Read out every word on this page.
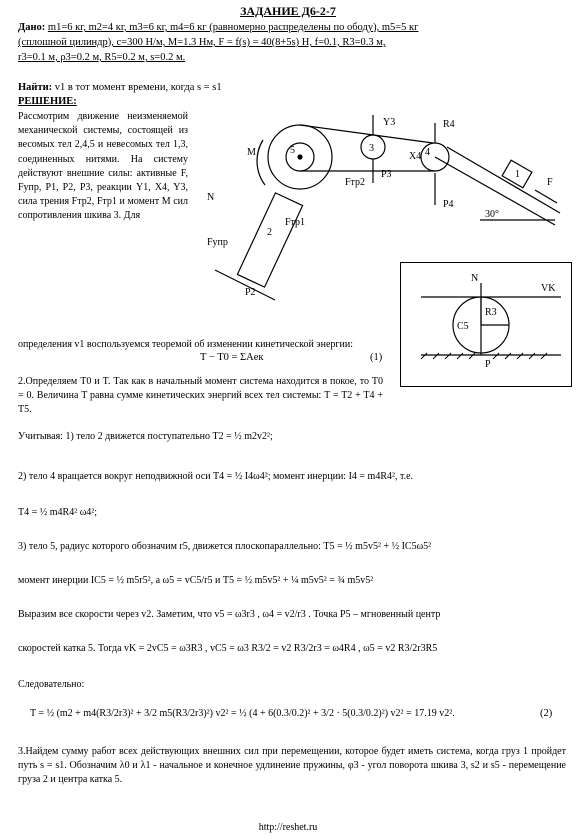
ЗАДАНИЕ Д6-2-7
Дано: m1=6 кг, m2=4 кг, m3=6 кг, m4=6 кг (равномерно распределены по ободу), m5=5 кг
(сплошной цилиндр), c=300 Н/м, M=1.3 Нм, F = f(s) = 40(8+5s) Н, f=0.1, R3=0.3 м,
r3=0.1 м, ρ3=0.2 м, R5=0.2 м, s=0.2 м.
Найти: v1 в тот момент времени, когда s = s1
РЕШЕНИЕ:
Рассмотрим движение неизменяемой механической системы, состоящей из весомых тел 2,4,5 и невесомых тел 1,3, соединенных нитями. На систему действуют внешние силы: активные F, Fупр, P1, P2, P3, реакции Y1, X4, Y3, сила трения Fтр2, Fтр1 и момент M сил сопротивления шкива 3. Для
M
Y3
P3
Fтр2
R4
P4
X4
30°
F
5	4
3
2
1
N
Fупр
Fтр1
P2
N
VK
R3
C5
P
определения v1 воспользуемся теоремой об изменении кинетической энергии:
T − T0 = ΣAeк	(1)
2.Определяем T0 и T. Так как в начальный момент система находится в покое, то T0 = 0. Величина T равна сумме кинетических энергий всех тел системы: T = T2 + T4 + T5.
Учитывая: 1) тело 2 движется поступательно T2 = ½ m2v2²;
2) тело 4 вращается вокруг неподвижной оси T4 = ½ I4ω4²; момент инерции: I4 = m4R4², т.е.
T4 = ½ m4R4² ω4²;
3) тело 5, радиус которого обозначим r5, движется плоскопараллельно: T5 = ½ m5v5² + ½ IC5ω5²
момент инерции IC5 = ½ m5r5², а ω5 = vC5/r5 и T5 = ½ m5v5² + ¼ m5v5² = ¾ m5v5²
Выразим все скорости через v2. Заметим, что v5 = ω3r3 , ω4 = v2/r3 . Точка P5 – мгновенный центр
скоростей катка 5. Тогда vK = 2vC5 = ω3R3 , vC5 = ω3 R3/2 = v2 R3/2r3 = ω4R4 , ω5 = v2 R3/2r3R5
Следовательно:
T = ½ (m2 + m4(R3/2r3)² + 3/2 m5(R3/2r3)²) v2² = ½ (4 + 6(0.3/0.2)² + 3/2 · 5(0.3/0.2)²) v2² = 17.19 v2².	(2)
3.Найдем сумму работ всех действующих внешних сил при перемещении, которое будет иметь система, когда груз 1 пройдет путь s = s1. Обозначим λ0 и λ1 - начальное и конечное удлинение пружины, φ3 - угол поворота шкива 3, s2 и s5 - перемещение груза 2 и центра катка 5.
http://reshet.ru
